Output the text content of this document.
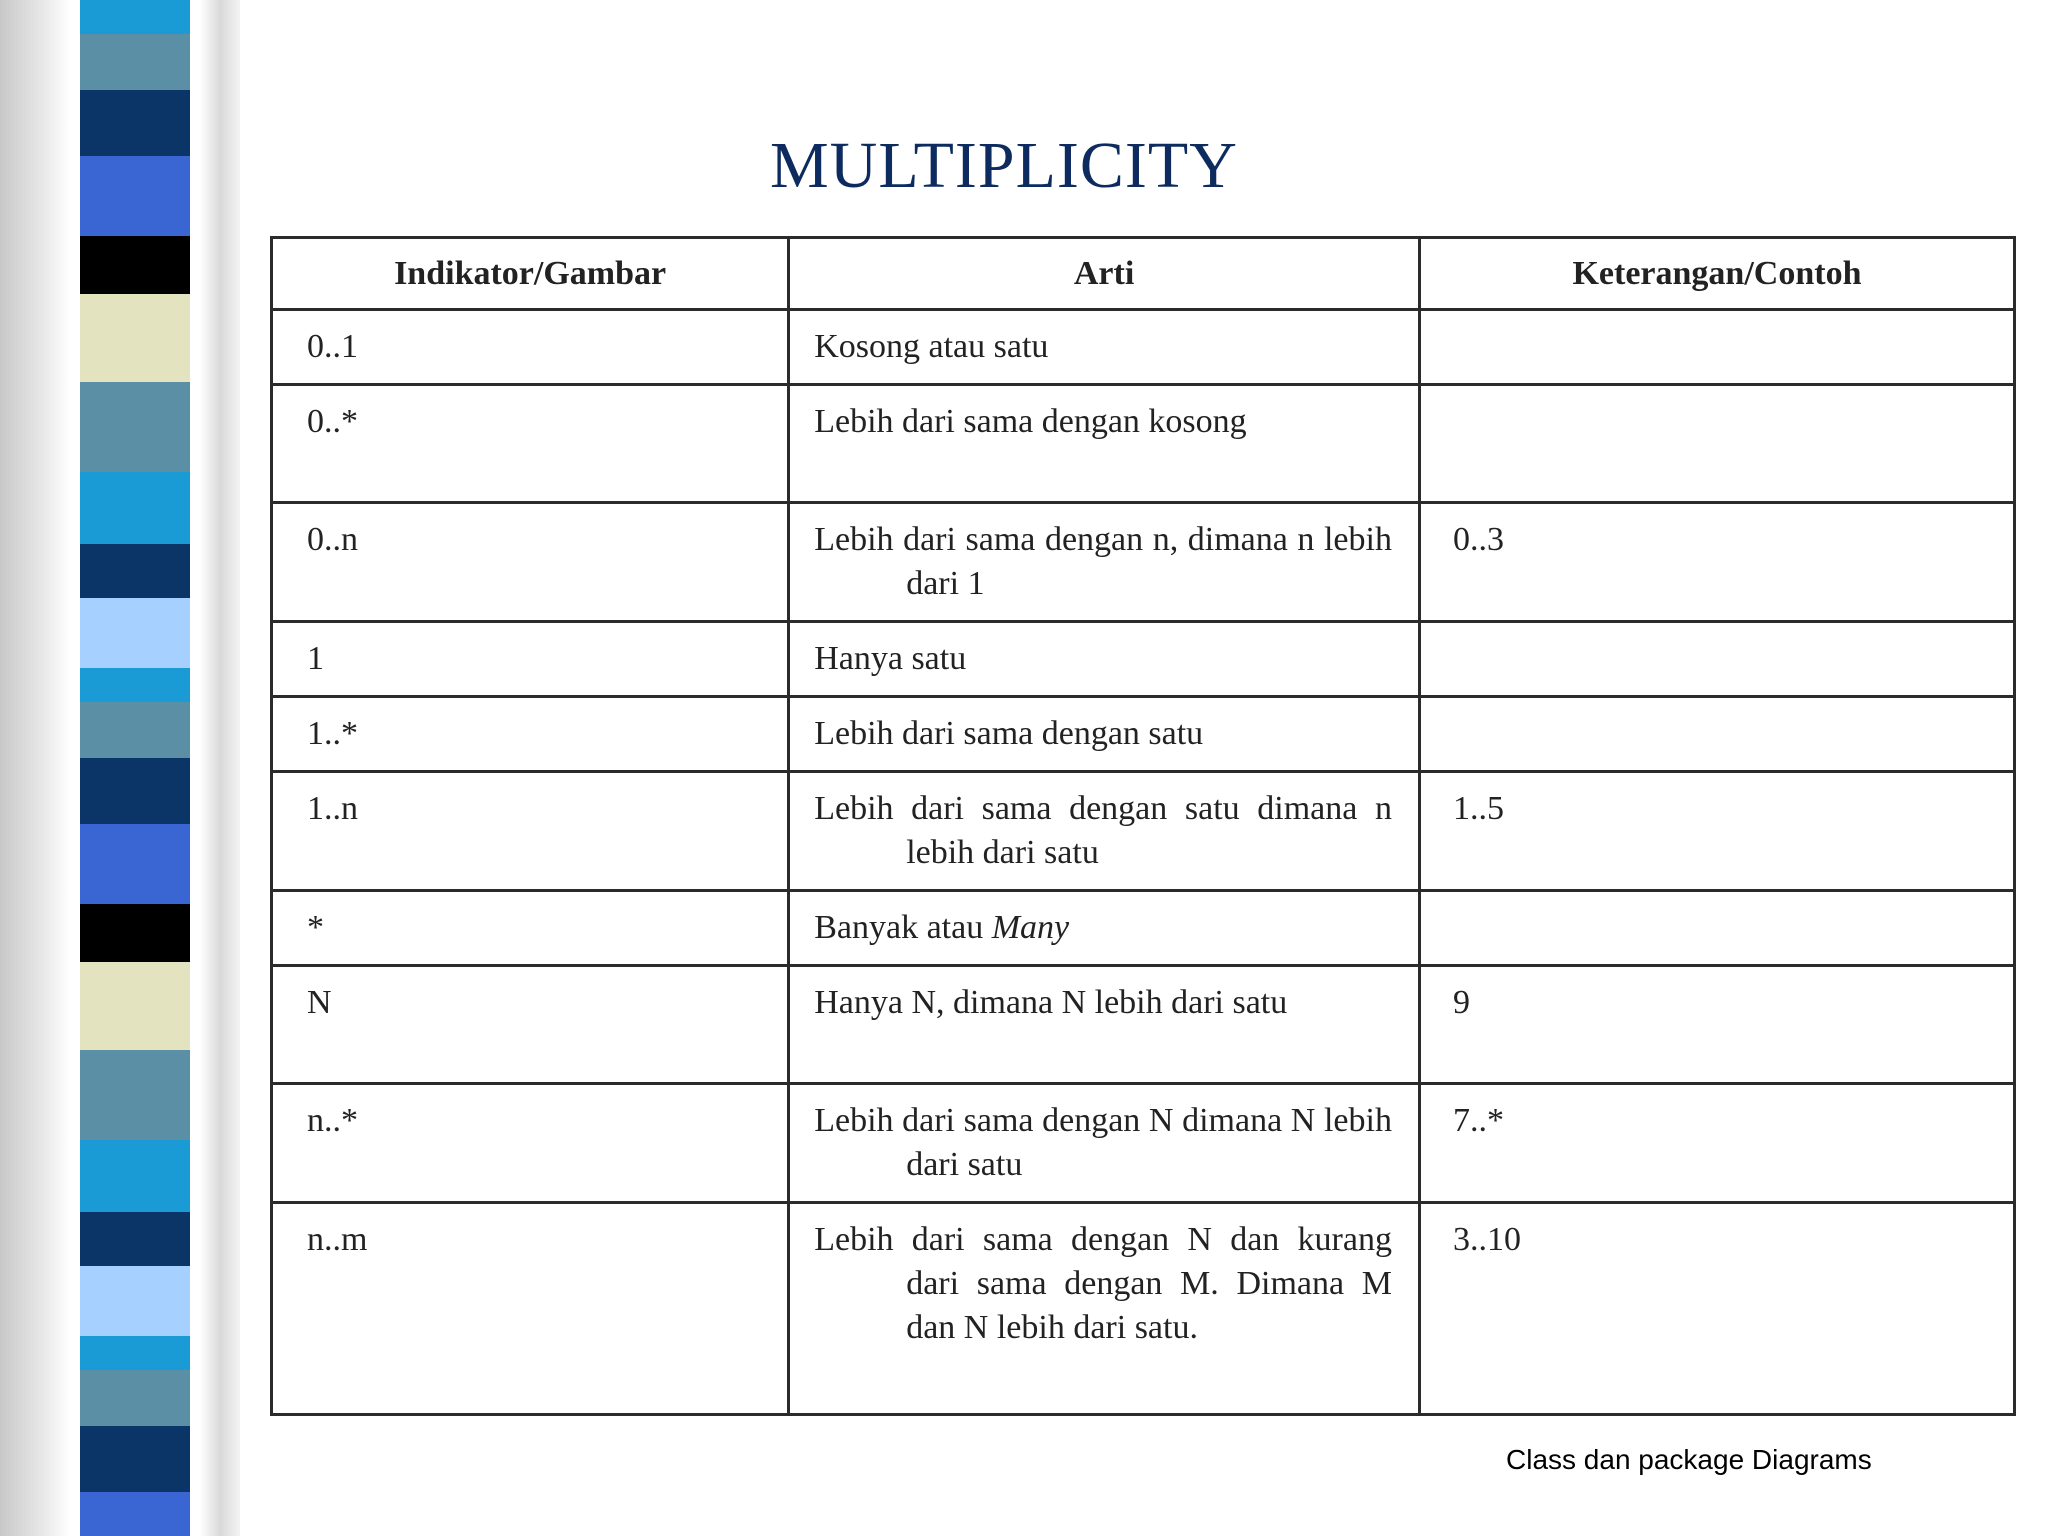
MULTIPLICITY
Indikator/Gambar	Arti	Keterangan/Contoh
0..1	Kosong atau satu	

0..*	Lebih dari sama dengan kosong	

0..n	Lebih dari sama dengan n, dimana n lebih dari 1	0..3
1	Hanya satu	

1..*	Lebih dari sama dengan satu	

1..n	Lebih dari sama dengan satu dimana n lebih dari satu	1..5
*	Banyak atau Many	

N	Hanya N, dimana N lebih dari satu	9
n..*	Lebih dari sama dengan N dimana N lebih dari satu	7..*
n..m	Lebih dari sama dengan N dan kurang dari sama dengan M. Dimana M dan N lebih dari satu.	3..10
Class dan package Diagrams
